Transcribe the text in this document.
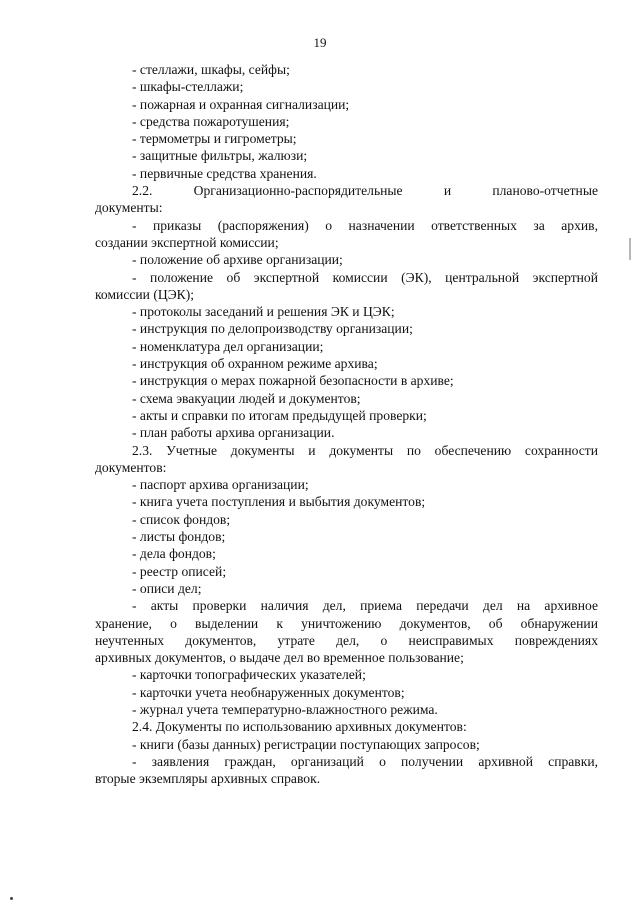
19
- стеллажи, шкафы, сейфы;
- шкафы-стеллажи;
- пожарная и охранная сигнализации;
- средства пожаротушения;
- термометры и гигрометры;
- защитные фильтры, жалюзи;
- первичные средства хранения.
2.2.	Организационно-распорядительные	и	планово-отчетные
документы:
- приказы (распоряжения) о назначении ответственных за архив,
создании экспертной комиссии;
- положение об архиве организации;
- положение об экспертной комиссии (ЭК), центральной экспертной
комиссии (ЦЭК);
- протоколы заседаний и решения ЭК и ЦЭК;
- инструкция по делопроизводству организации;
- номенклатура дел организации;
- инструкция об охранном режиме архива;
- инструкция о мерах пожарной безопасности в архиве;
- схема эвакуации людей и документов;
- акты и справки по итогам предыдущей проверки;
- план работы архива организации.
2.3. Учетные документы и документы по обеспечению сохранности
документов:
- паспорт архива организации;
- книга учета поступления и выбытия документов;
- список фондов;
- листы фондов;
- дела фондов;
- реестр описей;
- описи дел;
- акты проверки наличия дел, приема передачи дел на архивное
хранение, о выделении к уничтожению документов, об обнаружении
неучтенных документов, утрате дел, о неисправимых повреждениях
архивных документов, о выдаче дел во временное пользование;
- карточки топографических указателей;
- карточки учета необнаруженных документов;
- журнал учета температурно-влажностного режима.
2.4. Документы по использованию архивных документов:
- книги (базы данных) регистрации поступающих запросов;
- заявления граждан, организаций о получении архивной справки,
вторые экземпляры архивных справок.
